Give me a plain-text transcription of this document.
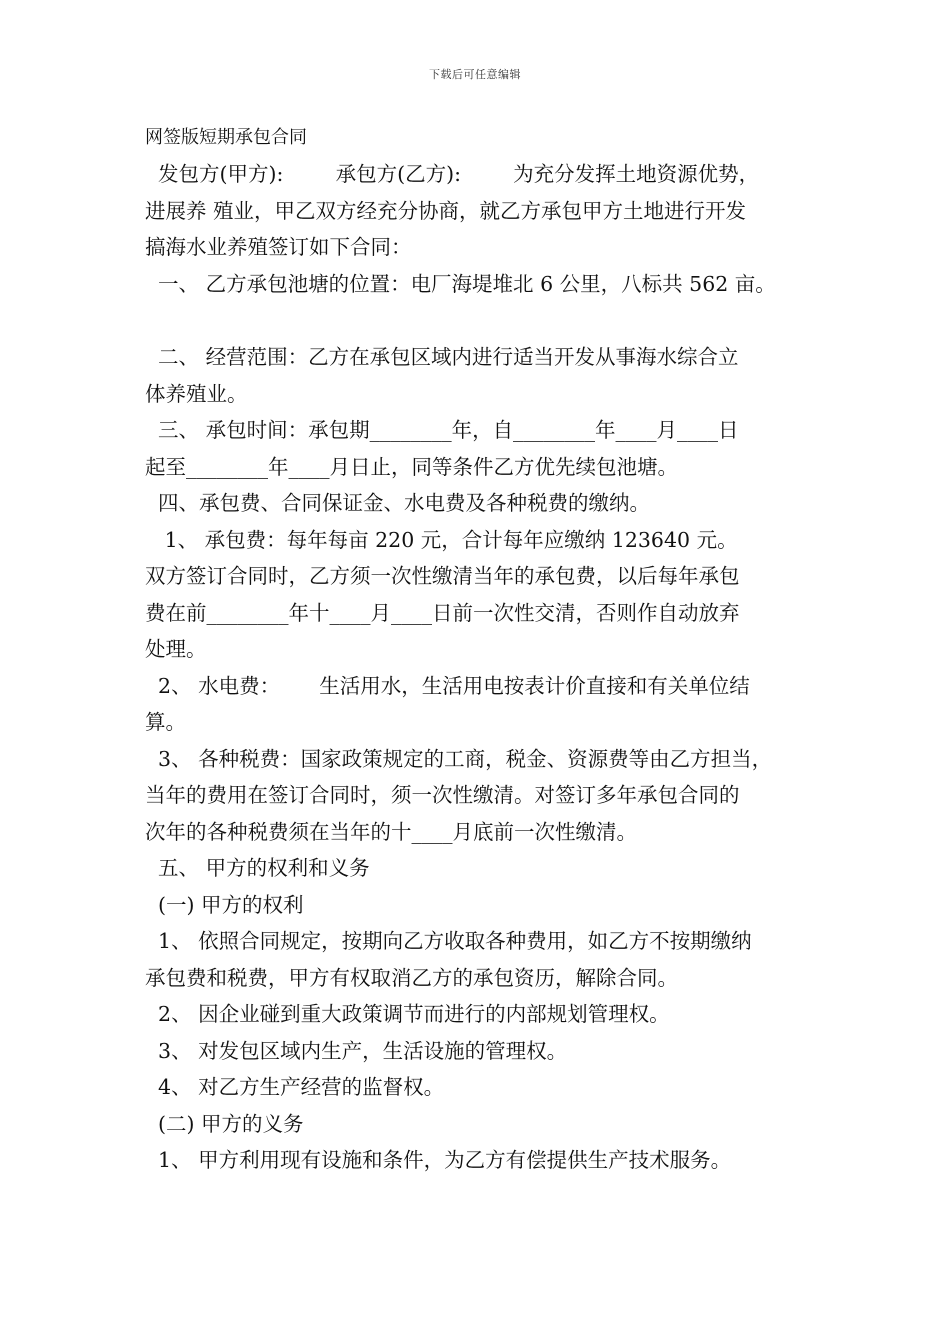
下载后可任意编辑
网签版短期承包合同
发包方(甲方):        承包方(乙方):        为充分发挥土地资源优势，
进展养 殖业，甲乙双方经充分协商，就乙方承包甲方土地进行开发
搞海水业养殖签订如下合同：
一、 乙方承包池塘的位置：电厂海堤堆北 6 公里，八标共 562 亩。
二、 经营范围：乙方在承包区域内进行适当开发从事海水综合立
体养殖业。
三、 承包时间：承包期________年，自________年____月____日
起至________年____月日止，同等条件乙方优先续包池塘。
四、承包费、合同保证金、水电费及各种税费的缴纳。
1、 承包费：每年每亩 220 元，合计每年应缴纳 123640 元。
双方签订合同时，乙方须一次性缴清当年的承包费，以后每年承包
费在前________年十____月____日前一次性交清，否则作自动放弃
处理。
2、 水电费：      生活用水，生活用电按表计价直接和有关单位结
算。
3、 各种税费：国家政策规定的工商，税金、资源费等由乙方担当，
当年的费用在签订合同时，须一次性缴清。对签订多年承包合同的
次年的各种税费须在当年的十____月底前一次性缴清。
五、 甲方的权利和义务
(一) 甲方的权利
1、 依照合同规定，按期向乙方收取各种费用，如乙方不按期缴纳
承包费和税费，甲方有权取消乙方的承包资历，解除合同。
2、 因企业碰到重大政策调节而进行的内部规划管理权。
3、 对发包区域内生产，生活设施的管理权。
4、 对乙方生产经营的监督权。
(二) 甲方的义务
1、 甲方利用现有设施和条件，为乙方有偿提供生产技术服务。
